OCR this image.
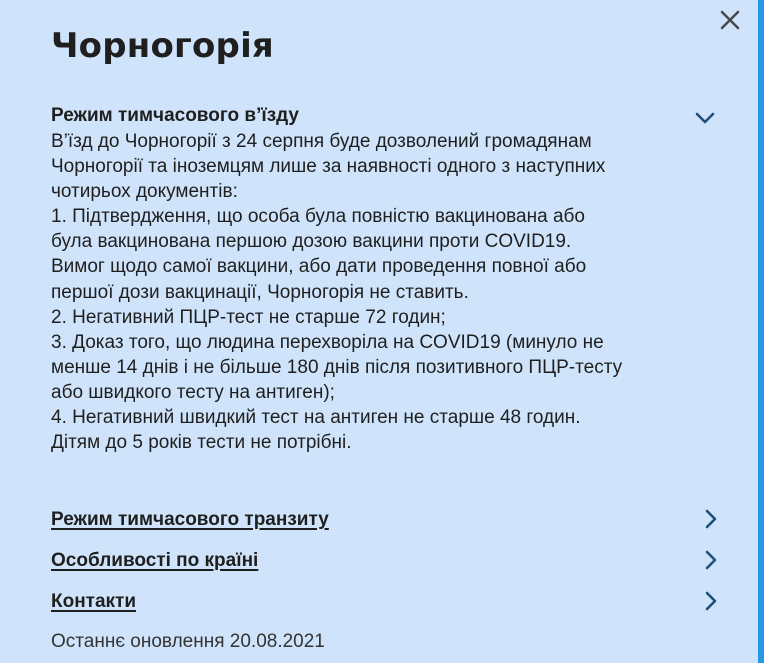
Чорногорія
Режим тимчасового в’їзду

В’їзд до Чорногорії з 24 серпня буде дозволений громадянам

Чорногорії та іноземцям лише за наявності одного з наступних

чотирьох документів:

1. Підтвердження, що особа була повністю вакцинована або

була вакцинована першою дозою вакцини проти COVID19.

Вимог щодо самої вакцини, або дати проведення повної або

першої дози вакцинації, Чорногорія не ставить.

2. Негативний ПЦР-тест не старше 72 годин;

3. Доказ того, що людина перехворіла на COVID19 (минуло не

менше 14 днів і не більше 180 днів після позитивного ПЦР-тесту

або швидкого тесту на антиген);

4. Негативний швидкий тест на антиген не старше 48 годин.

Дітям до 5 років тести не потрібні.

Режим тимчасового транзиту
Особливості по країні
Контакти
Останнє оновлення 20.08.2021
